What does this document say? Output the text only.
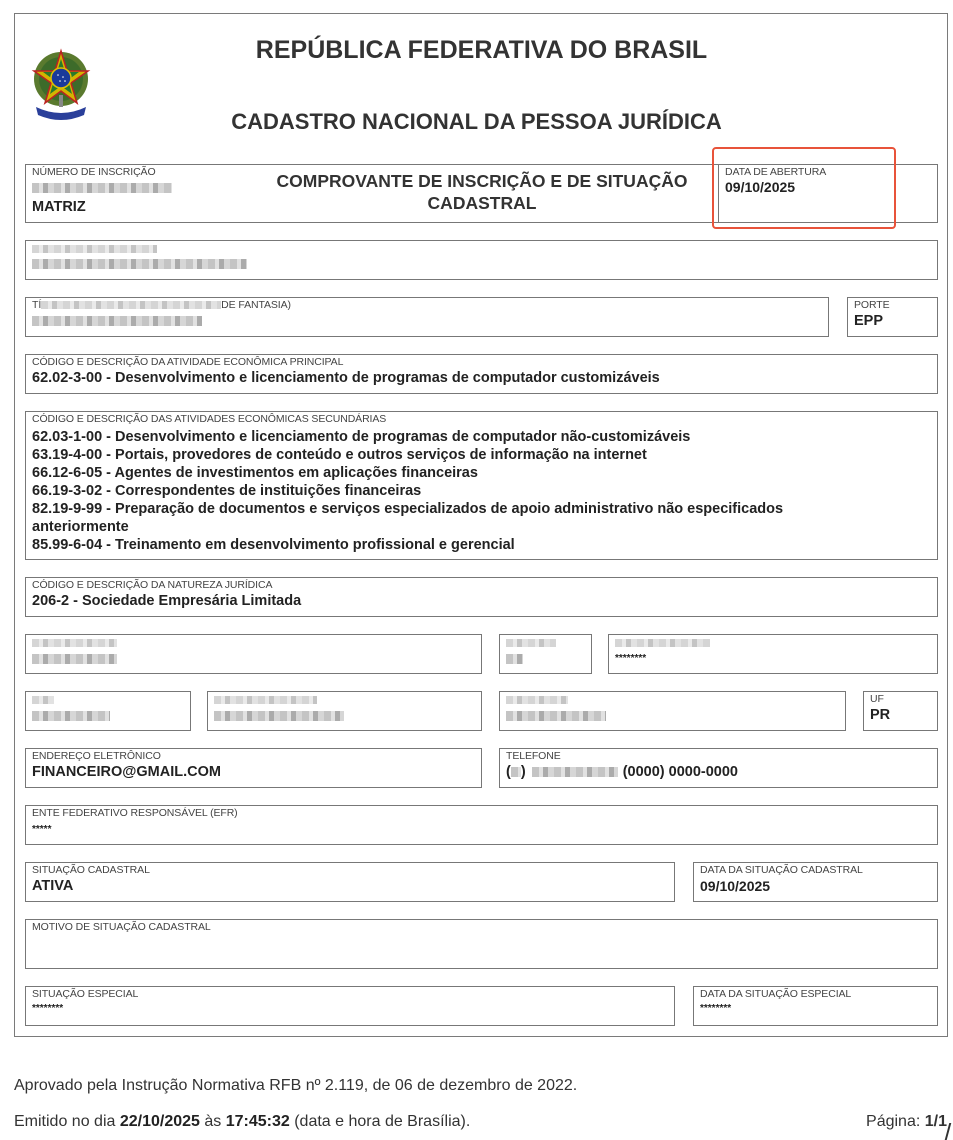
REPÚBLICA FEDERATIVA DO BRASIL
CADASTRO NACIONAL DA PESSOA JURÍDICA
NÚMERO DE INSCRIÇÃO
MATRIZ
COMPROVANTE DE INSCRIÇÃO E DE SITUAÇÃO
CADASTRAL
DATA DE ABERTURA
09/10/2025
TÍ	DE FANTASIA)	PORTE
EPP
CÓDIGO E DESCRIÇÃO DA ATIVIDADE ECONÔMICA PRINCIPAL
62.02-3-00 - Desenvolvimento e licenciamento de programas de computador customizáveis
CÓDIGO E DESCRIÇÃO DAS ATIVIDADES ECONÔMICAS SECUNDÁRIAS
62.03-1-00 - Desenvolvimento e licenciamento de programas de computador não-customizáveis
63.19-4-00 - Portais, provedores de conteúdo e outros serviços de informação na internet
66.12-6-05 - Agentes de investimentos em aplicações financeiras
66.19-3-02 - Correspondentes de instituições financeiras
82.19-9-99 - Preparação de documentos e serviços especializados de apoio administrativo não especificados
anteriormente
85.99-6-04 - Treinamento em desenvolvimento profissional e gerencial
CÓDIGO E DESCRIÇÃO DA NATUREZA JURÍDICA
206-2 - Sociedade Empresária Limitada
********
UF
PR
ENDEREÇO ELETRÔNICO
FINANCEIRO@GMAIL.COM
TELEFONE
( )	(0000) 0000-0000
ENTE FEDERATIVO RESPONSÁVEL (EFR)
*****
SITUAÇÃO CADASTRAL
ATIVA
DATA DA SITUAÇÃO CADASTRAL
09/10/2025
MOTIVO DE SITUAÇÃO CADASTRAL
SITUAÇÃO ESPECIAL
********
DATA DA SITUAÇÃO ESPECIAL
********
Aprovado pela Instrução Normativa RFB nº 2.119, de 06 de dezembro de 2022.
Emitido no dia 22/10/2025 às 17:45:32 (data e hora de Brasília).	Página: 1/1
